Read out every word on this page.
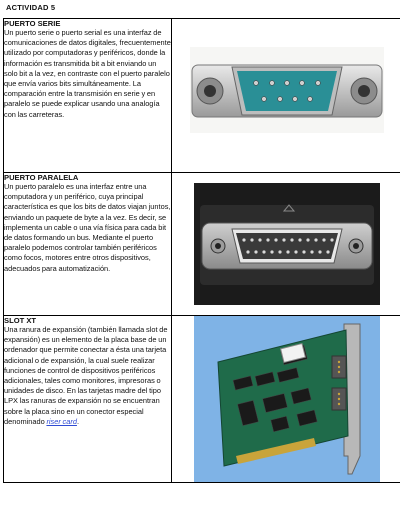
ACTIVIDAD 5

PUERTO SERIE

Un puerto serie o puerto serial es una interfaz de comunicaciones de datos digitales, frecuentemente utilizado por computadoras y periféricos, donde la información es transmitida bit a bit enviando un solo bit a la vez, en contraste con el puerto paralelo que envía varios bits simultáneamente. La comparación entre la transmisión en serie y en paralelo se puede explicar usando una analogía con las carreteras.

PUERTO PARALELA

Un puerto paralelo es una interfaz entre una computadora y un periférico, cuya principal característica es que los bits de datos viajan juntos, enviando un paquete de byte a la vez. Es decir, se implementa un cable o una vía física para cada bit de datos formando un bus. Mediante el puerto paralelo podemos controlar también periféricos como focos, motores entre otros dispositivos, adecuados para automatización.

SLOT XT

Una ranura de expansión (también llamada slot de expansión) es un elemento de la placa base de un ordenador que permite conectar a ésta una tarjeta adicional o de expansión, la cual suele realizar funciones de control de dispositivos periféricos adicionales, tales como monitores, impresoras o unidades de disco. En las tarjetas madre del tipo LPX las ranuras de expansión no se encuentran sobre la placa sino en un conector especial denominado riser card.
